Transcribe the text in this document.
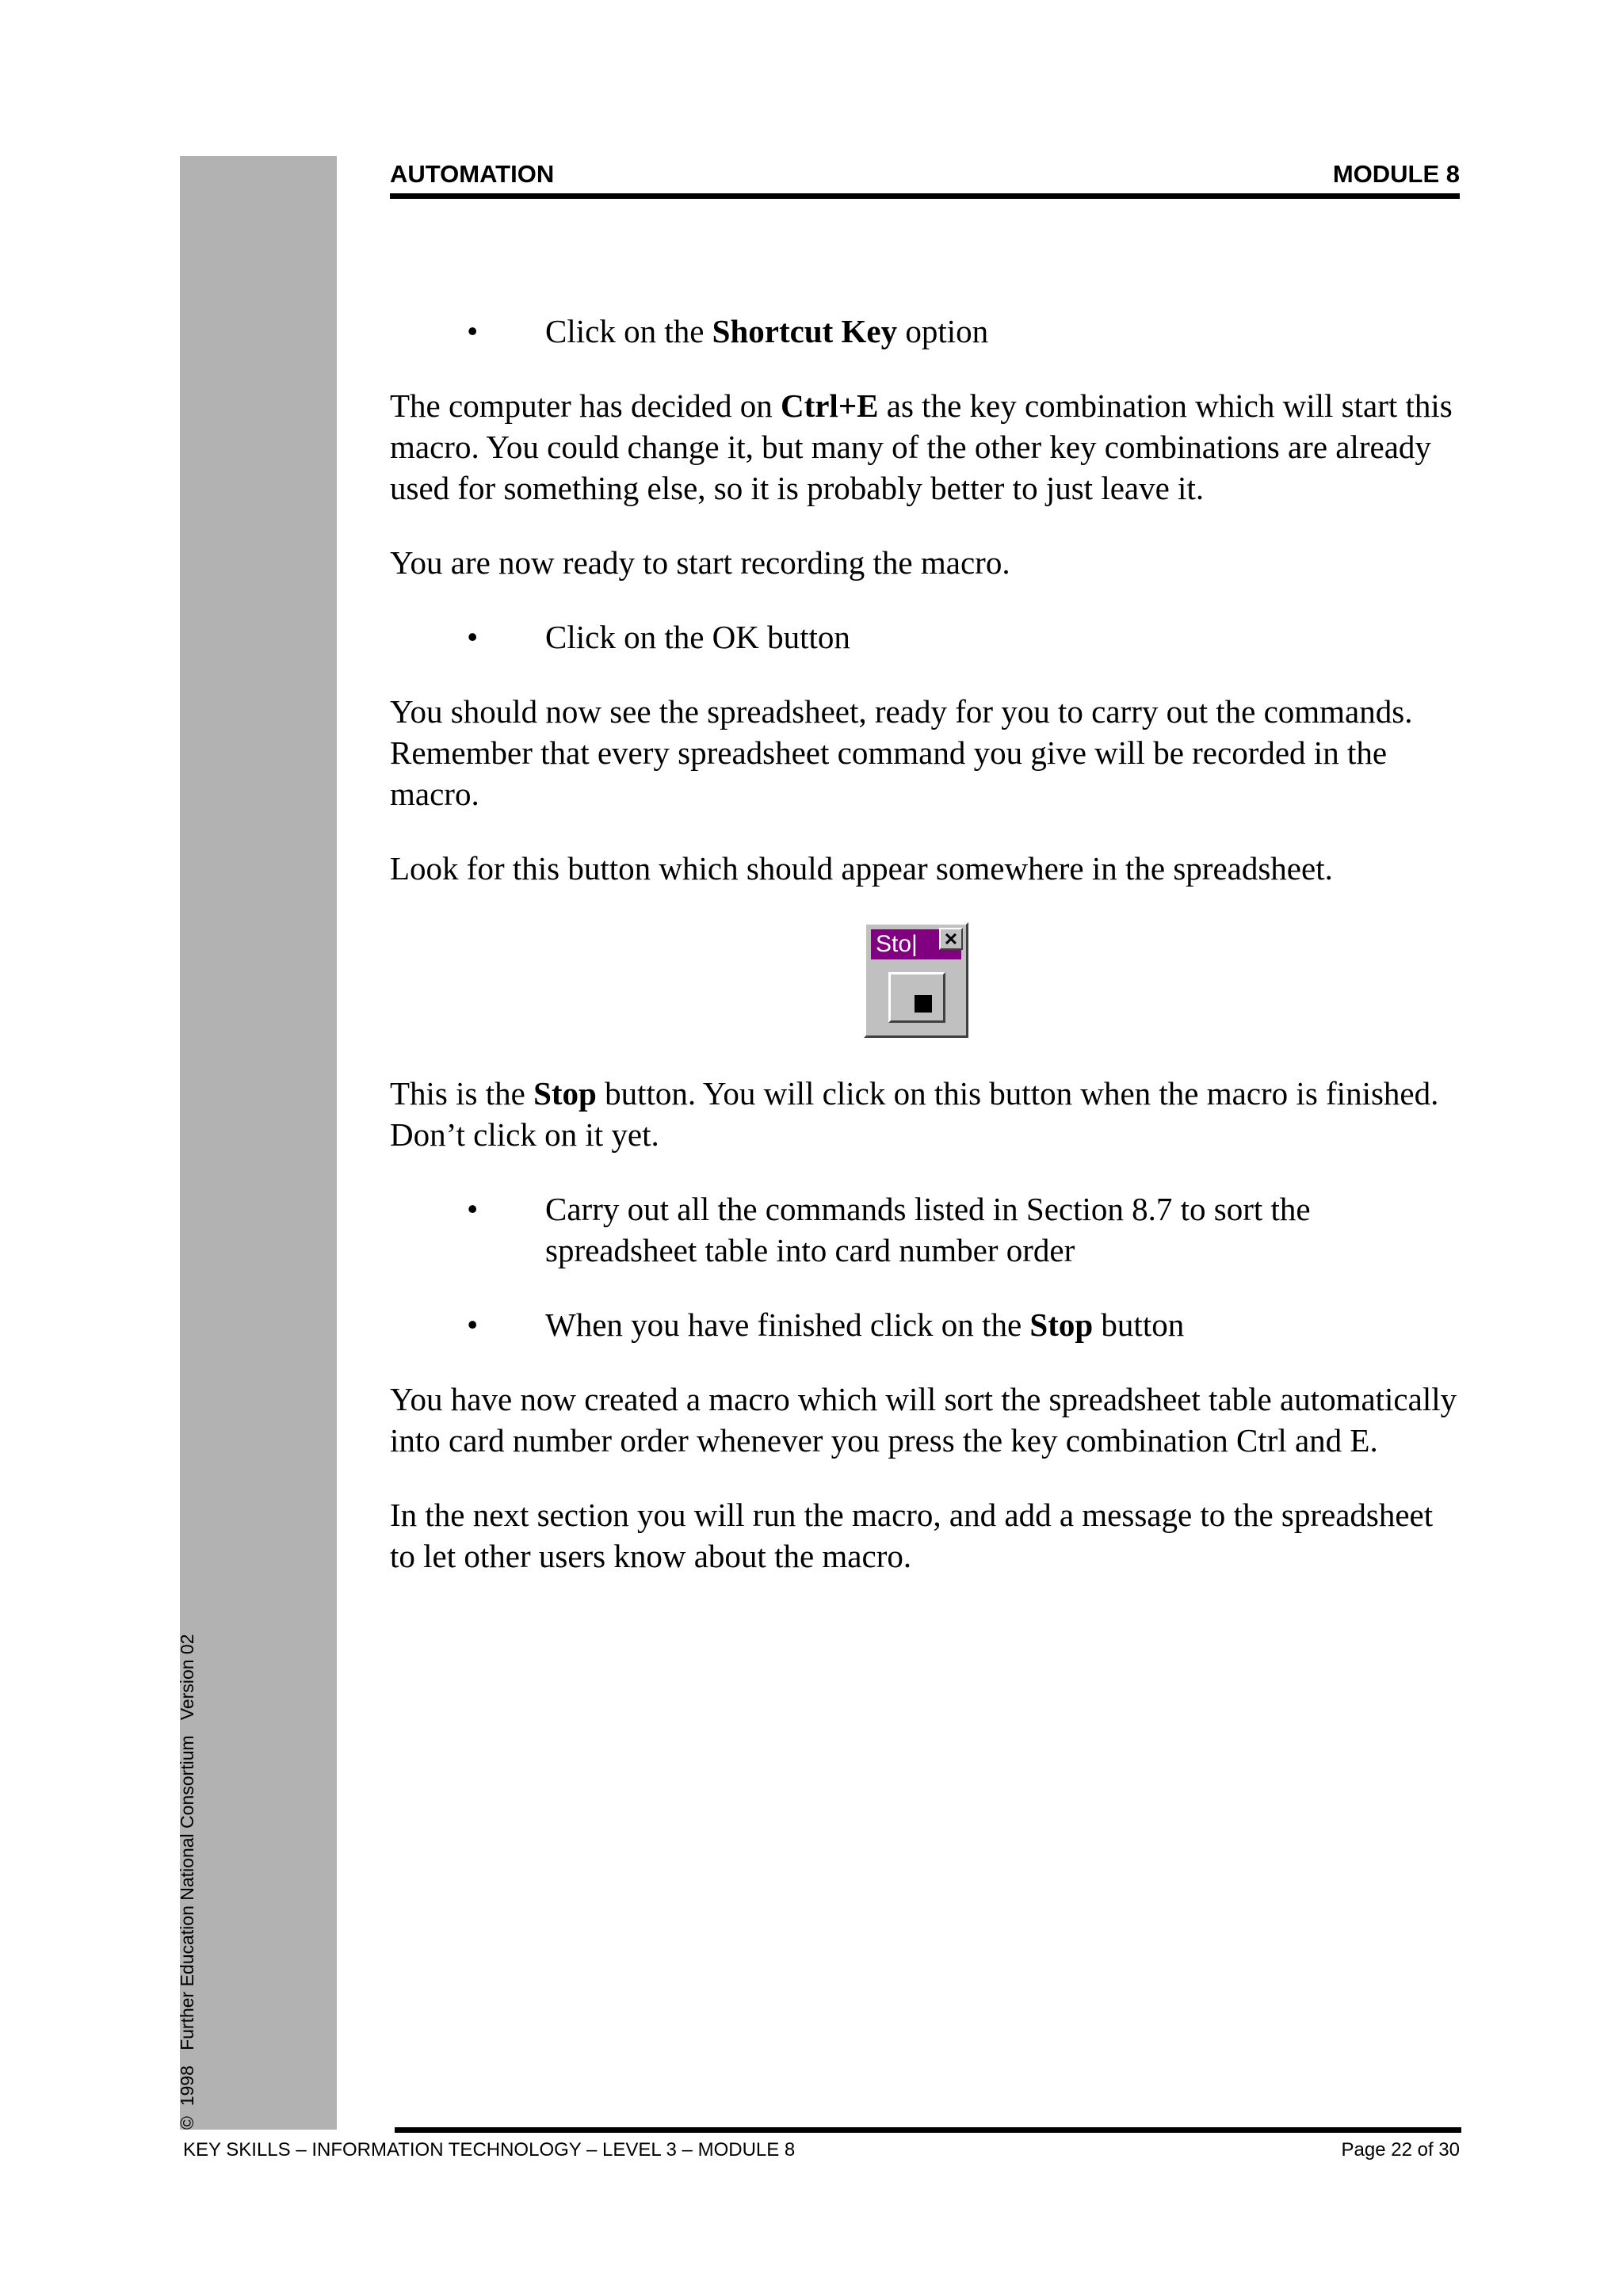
©  1998   Further Education National Consortium   Version 02
AUTOMATION	MODULE 8
• Click on the Shortcut Key option

The computer has decided on Ctrl+E as the key combination which will start this macro. You could change it, but many of the other key combinations are already used for something else, so it is probably better to just leave it.

You are now ready to start recording the macro.

• Click on the OK button

You should now see the spreadsheet, ready for you to carry out the commands. Remember that every spreadsheet command you give will be recorded in the macro.

Look for this button which should appear somewhere in the spreadsheet.

Sto|	✕

This is the Stop button. You will click on this button when the macro is finished. Don’t click on it yet.

• Carry out all the commands listed in Section 8.7 to sort the spreadsheet table into card number order
• When you have finished click on the Stop button

You have now created a macro which will sort the spreadsheet table automatically into card number order whenever you press the key combination Ctrl and E.

In the next section you will run the macro, and add a message to the spreadsheet to let other users know about the macro.

KEY SKILLS – INFORMATION TECHNOLOGY – LEVEL 3 – MODULE 8	Page 22 of 30
